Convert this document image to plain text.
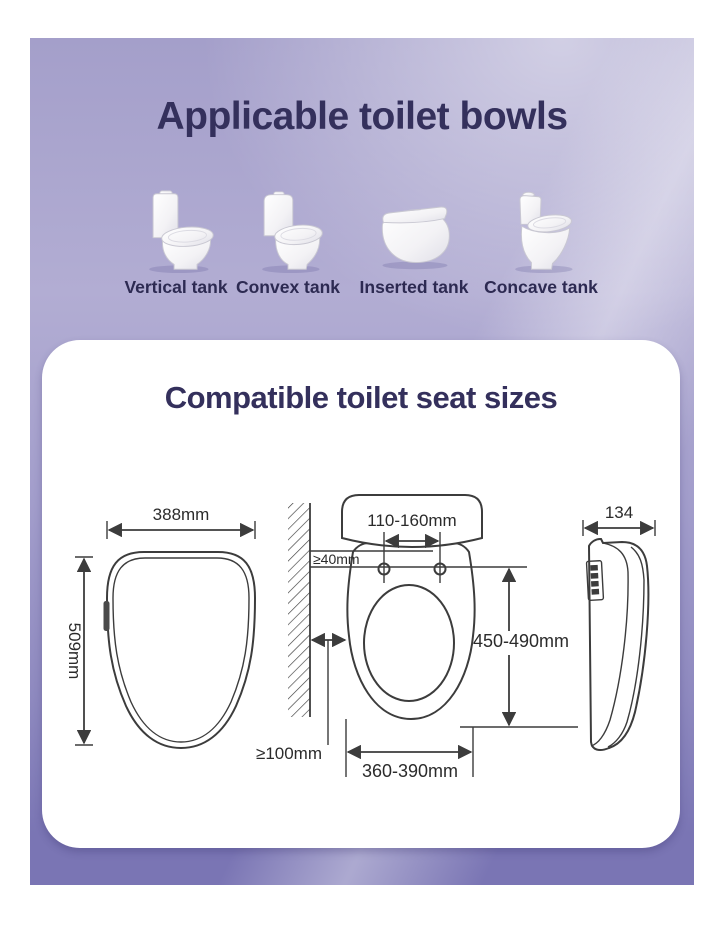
Applicable toilet bowls
Vertical tank Convex tank	Inserted tank Concave tank
Compatible toilet seat sizes
388mm
509mm
≥40mm
110-160mm
450-490mm
≥100mm
360-390mm
134
